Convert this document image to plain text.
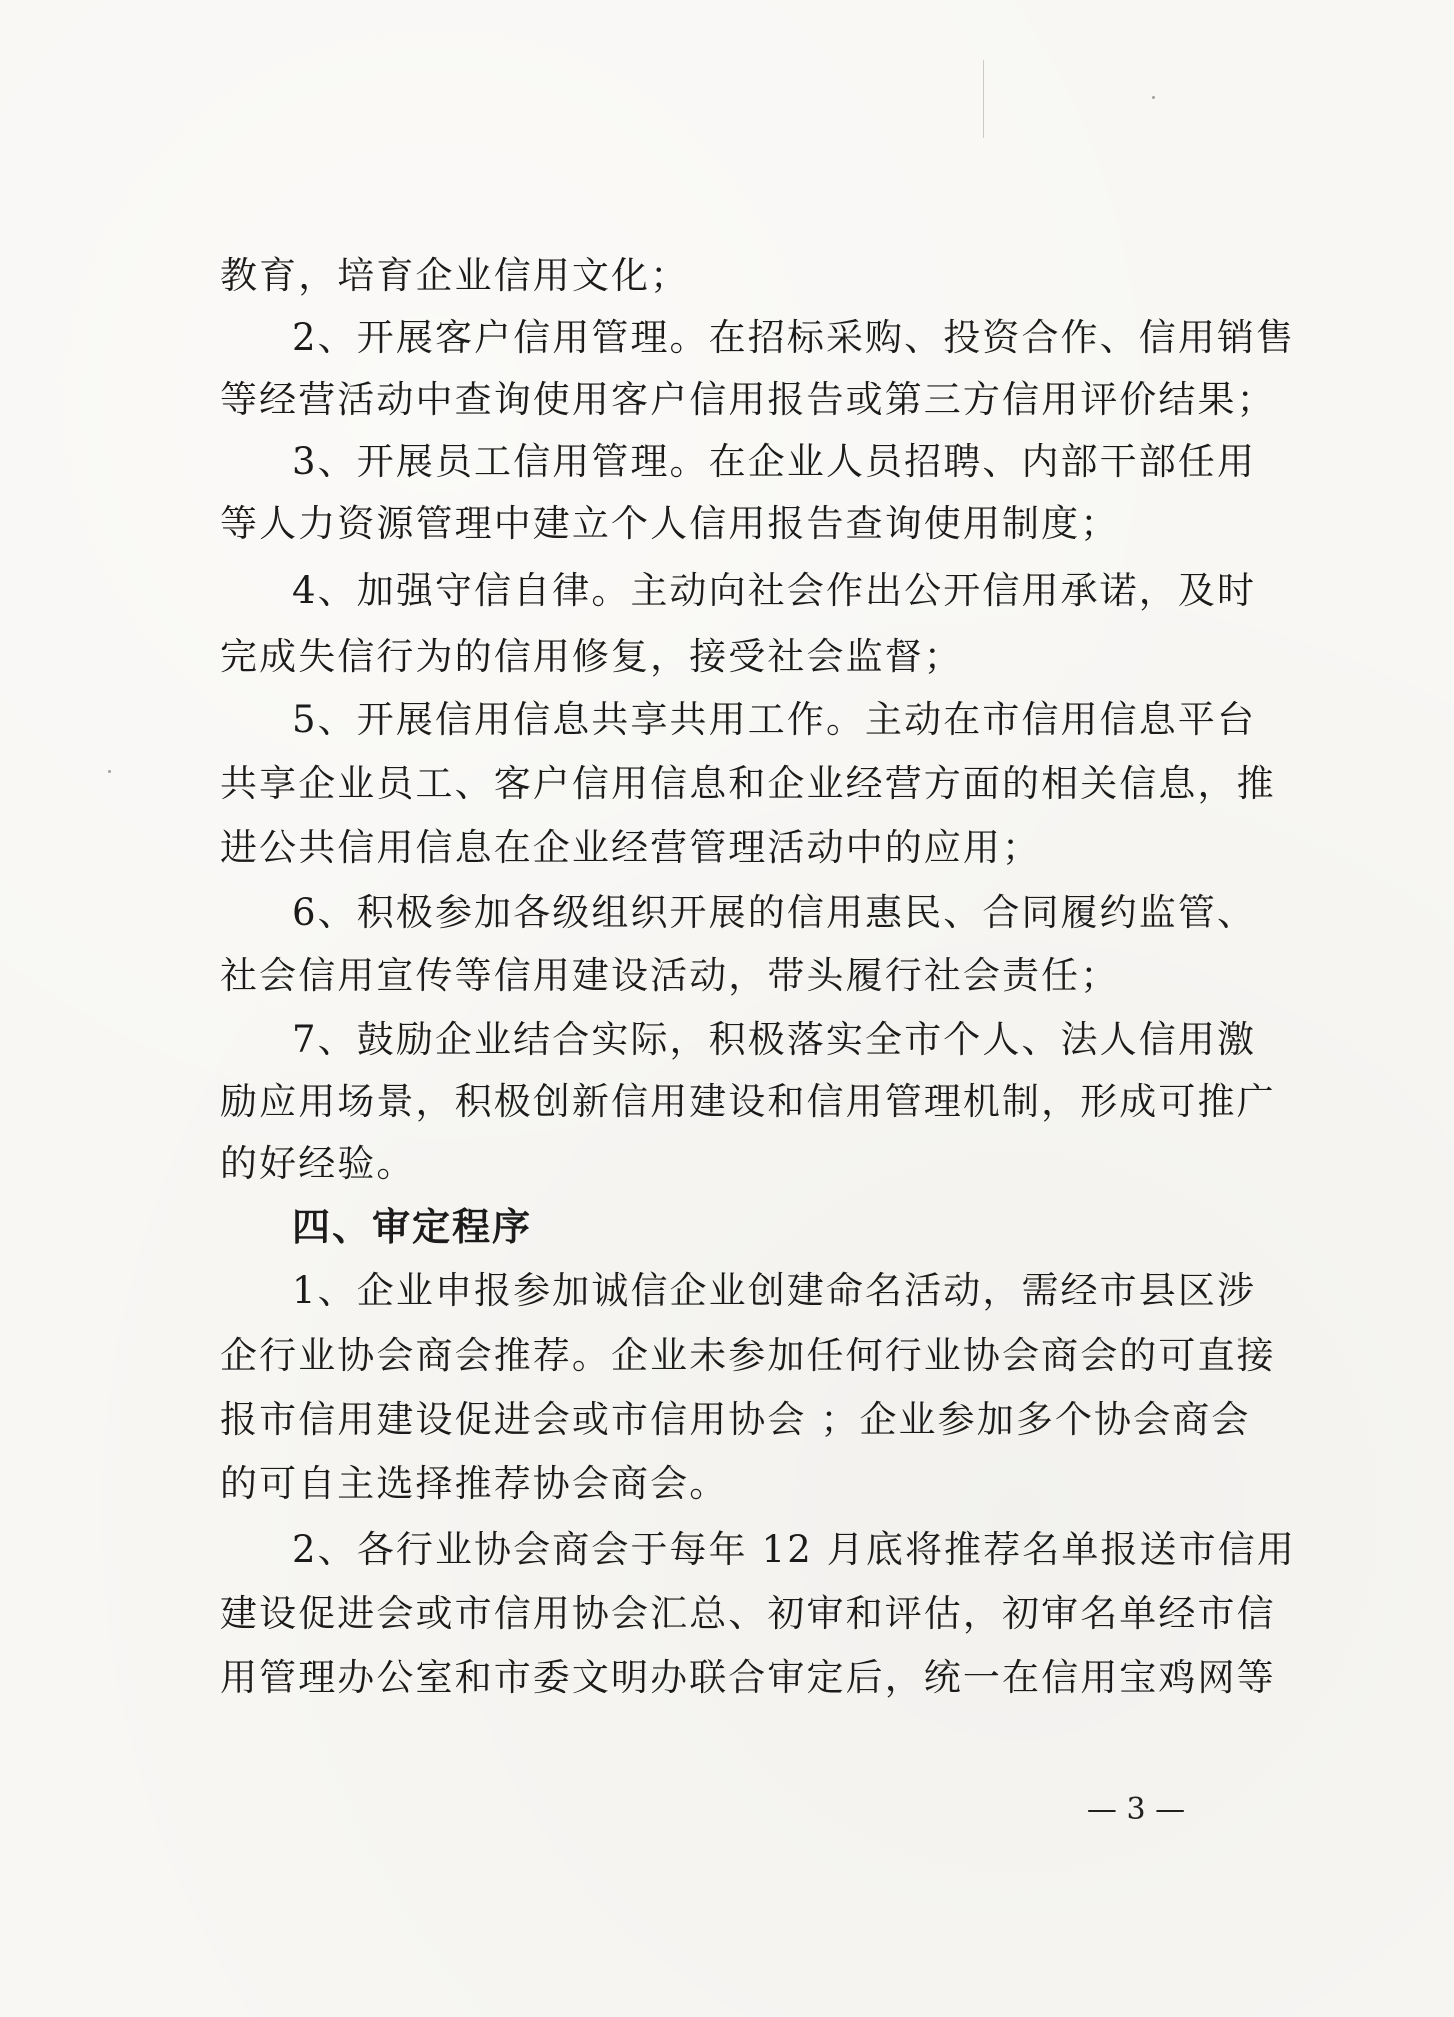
教育，培育企业信用文化；
2、开展客户信用管理。在招标采购、投资合作、信用销售
等经营活动中查询使用客户信用报告或第三方信用评价结果；
3、开展员工信用管理。在企业人员招聘、内部干部任用
等人力资源管理中建立个人信用报告查询使用制度；
4、加强守信自律。主动向社会作出公开信用承诺，及时
完成失信行为的信用修复，接受社会监督；
5、开展信用信息共享共用工作。主动在市信用信息平台
共享企业员工、客户信用信息和企业经营方面的相关信息，推
进公共信用信息在企业经营管理活动中的应用；
6、积极参加各级组织开展的信用惠民、合同履约监管、
社会信用宣传等信用建设活动，带头履行社会责任；
7、鼓励企业结合实际，积极落实全市个人、法人信用激
励应用场景，积极创新信用建设和信用管理机制，形成可推广
的好经验。
四、审定程序
1、企业申报参加诚信企业创建命名活动，需经市县区涉
企行业协会商会推荐。企业未参加任何行业协会商会的可直接
报市信用建设促进会或市信用协会 ；企业参加多个协会商会
的可自主选择推荐协会商会。
2、各行业协会商会于每年 12 月底将推荐名单报送市信用
建设促进会或市信用协会汇总、初审和评估，初审名单经市信
用管理办公室和市委文明办联合审定后，统一在信用宝鸡网等
— 3 —
